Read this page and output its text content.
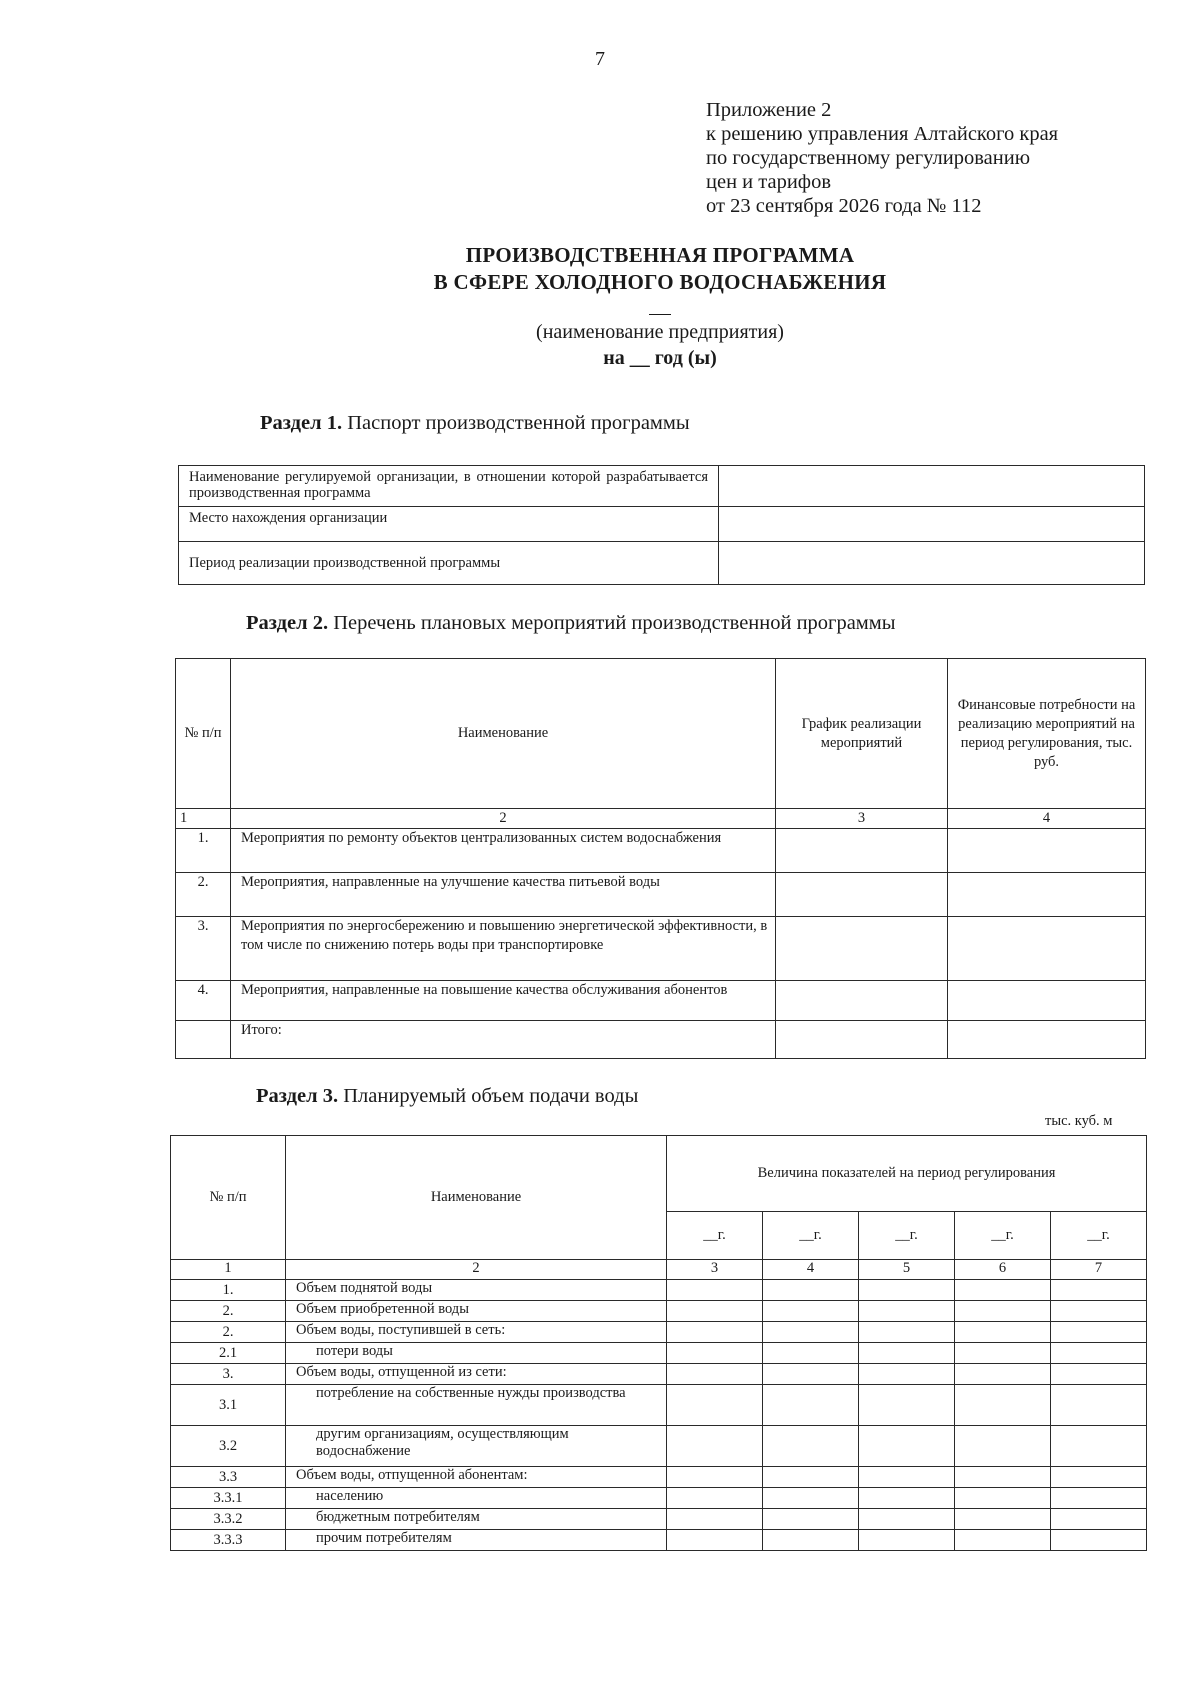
7
Приложение 2
к решению управления Алтайского края
по государственному регулированию
цен и тарифов
от 23 сентября 2026 года № 112
ПРОИЗВОДСТВЕННАЯ ПРОГРАММА
В СФЕРЕ ХОЛОДНОГО ВОДОСНАБЖЕНИЯ
(наименование предприятия)
на __ год (ы)
Раздел 1. Паспорт производственной программы
Наименование регулируемой организации, в отношении которой разрабатывается производственная программа	
Место нахождения организации	
Период реализации производственной программы	
Раздел 2. Перечень плановых мероприятий производственной программы
№ п/п	Наименование	График реализации мероприятий	Финансовые потребности на реализацию мероприятий на период регулирования, тыс. руб.
1	2	3	4
1.	Мероприятия по ремонту объектов централизованных систем водоснабжения		
2.	Мероприятия, направленные на улучшение качества питьевой воды		
3.	Мероприятия по энергосбережению и повышению энергетической эффективности, в том числе по снижению потерь воды при транспортировке		
4.	Мероприятия, направленные на повышение качества обслуживания абонентов		
	Итого:		
Раздел 3. Планируемый объем подачи воды
тыс. куб. м
№ п/п	Наименование	Величина показателей на период регулирования				
		__г.	__г.	__г.	__г.	__г.
1	2	3	4	5	6	7
1.	Объем поднятой воды					
2.	Объем приобретенной воды					
2.	Объем воды, поступившей в сеть:					
2.1	потери воды					
3.	Объем воды, отпущенной из сети:					
3.1	потребление на собственные нужды производства					
3.2	другим организациям, осуществляющим водоснабжение					
3.3	Объем воды, отпущенной абонентам:					
3.3.1	населению					
3.3.2	бюджетным потребителям					
3.3.3	прочим потребителям					
